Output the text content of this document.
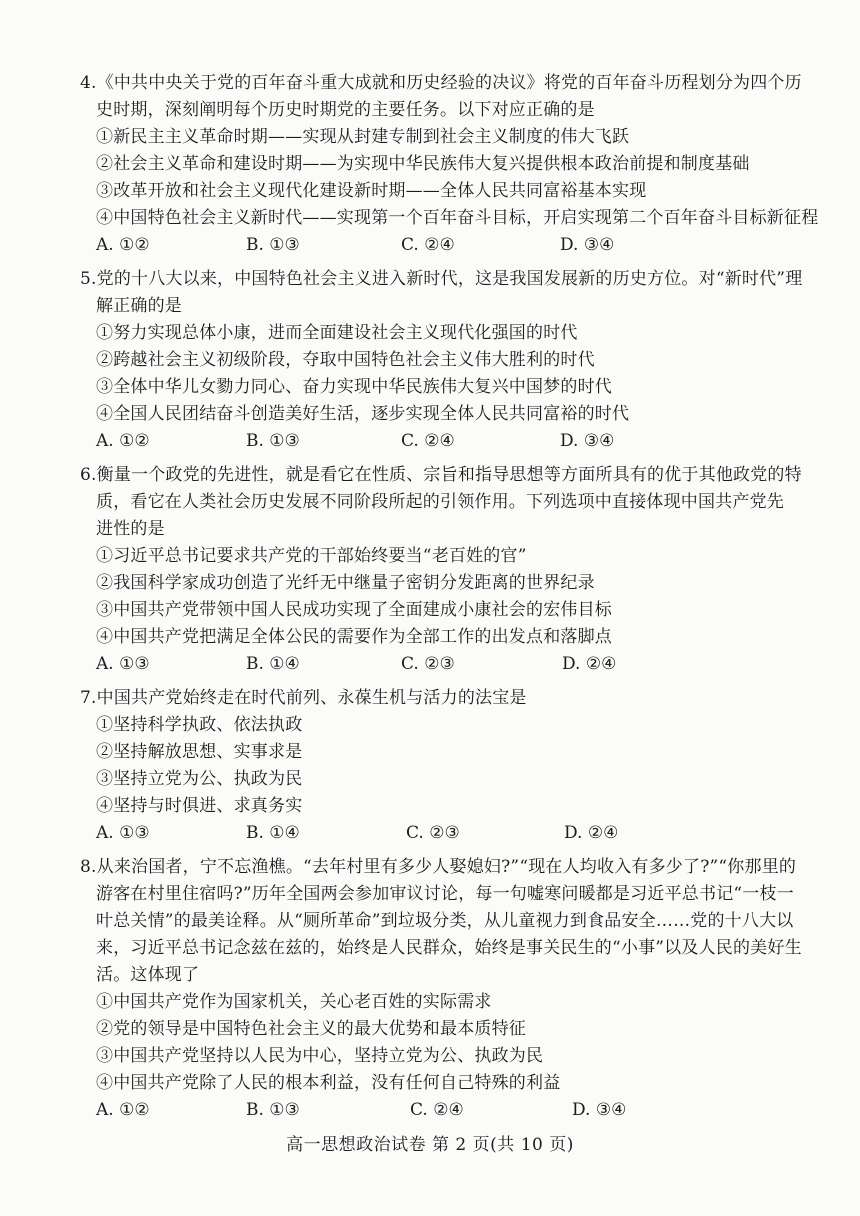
4.《中共中央关于党的百年奋斗重大成就和历史经验的决议》将党的百年奋斗历程划分为四个历
史时期，深刻阐明每个历史时期党的主要任务。以下对应正确的是
①新民主主义革命时期——实现从封建专制到社会主义制度的伟大飞跃
②社会主义革命和建设时期——为实现中华民族伟大复兴提供根本政治前提和制度基础
③改革开放和社会主义现代化建设新时期——全体人民共同富裕基本实现
④中国特色社会主义新时代——实现第一个百年奋斗目标，开启实现第二个百年奋斗目标新征程
A. ①②	B. ①③	C. ②④	D. ③④
5.党的十八大以来，中国特色社会主义进入新时代，这是我国发展新的历史方位。对“新时代”理
解正确的是
①努力实现总体小康，进而全面建设社会主义现代化强国的时代
②跨越社会主义初级阶段，夺取中国特色社会主义伟大胜利的时代
③全体中华儿女勠力同心、奋力实现中华民族伟大复兴中国梦的时代
④全国人民团结奋斗创造美好生活，逐步实现全体人民共同富裕的时代
A. ①②	B. ①③	C. ②④	D. ③④
6.衡量一个政党的先进性，就是看它在性质、宗旨和指导思想等方面所具有的优于其他政党的特
质，看它在人类社会历史发展不同阶段所起的引领作用。下列选项中直接体现中国共产党先
进性的是
①习近平总书记要求共产党的干部始终要当“老百姓的官”
②我国科学家成功创造了光纤无中继量子密钥分发距离的世界纪录
③中国共产党带领中国人民成功实现了全面建成小康社会的宏伟目标
④中国共产党把满足全体公民的需要作为全部工作的出发点和落脚点
A. ①③	B. ①④	C. ②③	D. ②④
7.中国共产党始终走在时代前列、永葆生机与活力的法宝是
①坚持科学执政、依法执政
②坚持解放思想、实事求是
③坚持立党为公、执政为民
④坚持与时俱进、求真务实
A. ①③	B. ①④	C. ②③	D. ②④
8.从来治国者，宁不忘渔樵。“去年村里有多少人娶媳妇?”“现在人均收入有多少了?”“你那里的
游客在村里住宿吗?”历年全国两会参加审议讨论，每一句嘘寒问暖都是习近平总书记“一枝一
叶总关情”的最美诠释。从“厕所革命”到垃圾分类，从儿童视力到食品安全……党的十八大以
来，习近平总书记念兹在兹的，始终是人民群众，始终是事关民生的“小事”以及人民的美好生
活。这体现了
①中国共产党作为国家机关，关心老百姓的实际需求
②党的领导是中国特色社会主义的最大优势和最本质特征
③中国共产党坚持以人民为中心，坚持立党为公、执政为民
④中国共产党除了人民的根本利益，没有任何自己特殊的利益
A. ①②	B. ①③	C. ②④	D. ③④
高一思想政治试卷 第 2 页(共 10 页)
